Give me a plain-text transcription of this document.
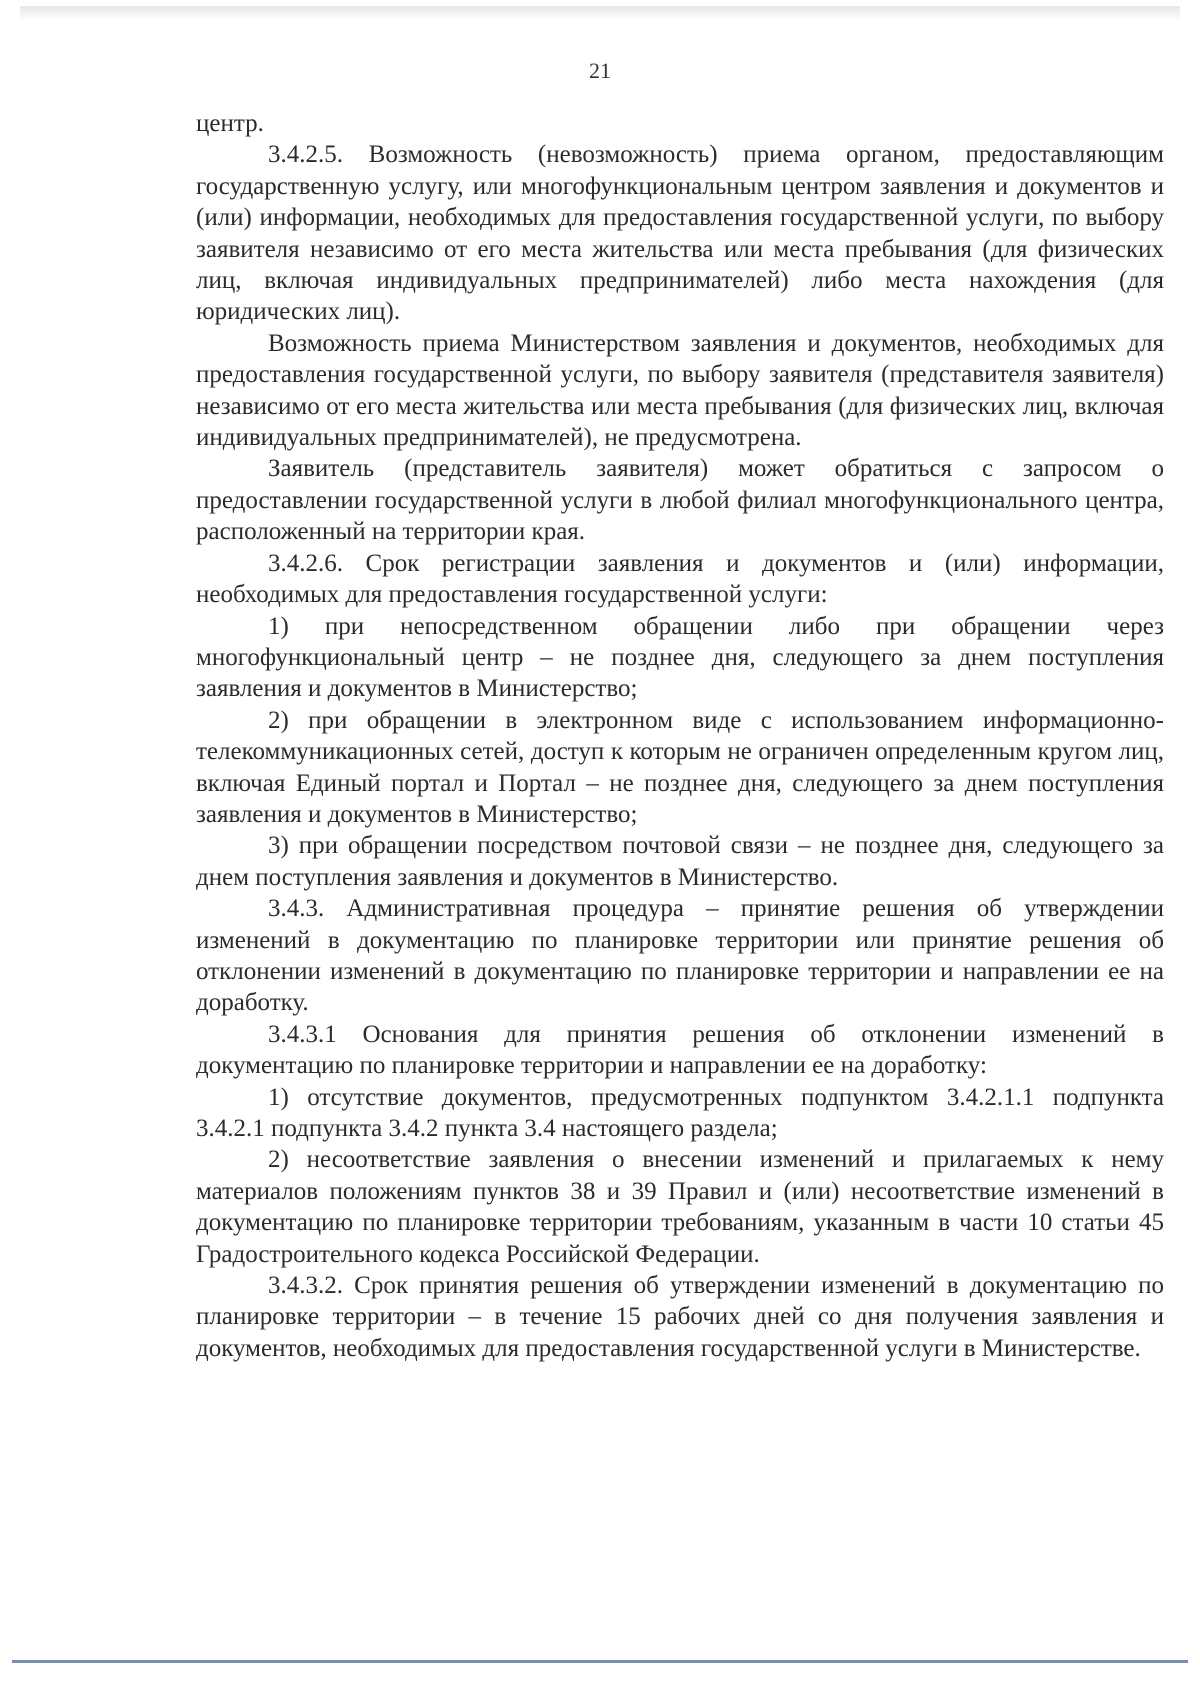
21

центр.

3.4.2.5. Возможность (невозможность) приема органом, предоставляющим государственную услугу, или многофункциональным центром заявления и документов и (или) информации, необходимых для предоставления государственной услуги, по выбору заявителя независимо от его места жительства или места пребывания (для физических лиц, включая индивидуальных предпринимателей) либо места нахождения (для юридических лиц).

Возможность приема Министерством заявления и документов, необходимых для предоставления государственной услуги, по выбору заявителя (представителя заявителя) независимо от его места жительства или места пребывания (для физических лиц, включая индивидуальных предпринимателей), не предусмотрена.

Заявитель (представитель заявителя) может обратиться с запросом о предоставлении государственной услуги в любой филиал многофункционального центра, расположенный на территории края.

3.4.2.6. Срок регистрации заявления и документов и (или) информации, необходимых для предоставления государственной услуги:

1) при непосредственном обращении либо при обращении через многофункциональный центр – не позднее дня, следующего за днем поступления заявления и документов в Министерство;

2) при обращении в электронном виде с использованием информационно-телекоммуникационных сетей, доступ к которым не ограничен определенным кругом лиц, включая Единый портал и Портал – не позднее дня, следующего за днем поступления заявления и документов в Министерство;

3) при обращении посредством почтовой связи – не позднее дня, следующего за днем поступления заявления и документов в Министерство.

3.4.3. Административная процедура – принятие решения об утверждении изменений в документацию по планировке территории или принятие решения об отклонении изменений в документацию по планировке территории и направлении ее на доработку.

3.4.3.1 Основания для принятия решения об отклонении изменений в документацию по планировке территории и направлении ее на доработку:

1) отсутствие документов, предусмотренных подпунктом 3.4.2.1.1 подпункта 3.4.2.1 подпункта 3.4.2 пункта 3.4 настоящего раздела;

2) несоответствие заявления о внесении изменений и прилагаемых к нему материалов положениям пунктов 38 и 39 Правил и (или) несоответствие изменений в документацию по планировке территории требованиям, указанным в части 10 статьи 45 Градостроительного кодекса Российской Федерации.

3.4.3.2. Срок принятия решения об утверждении изменений в документацию по планировке территории – в течение 15 рабочих дней со дня получения заявления и документов, необходимых для предоставления государственной услуги в Министерстве.
